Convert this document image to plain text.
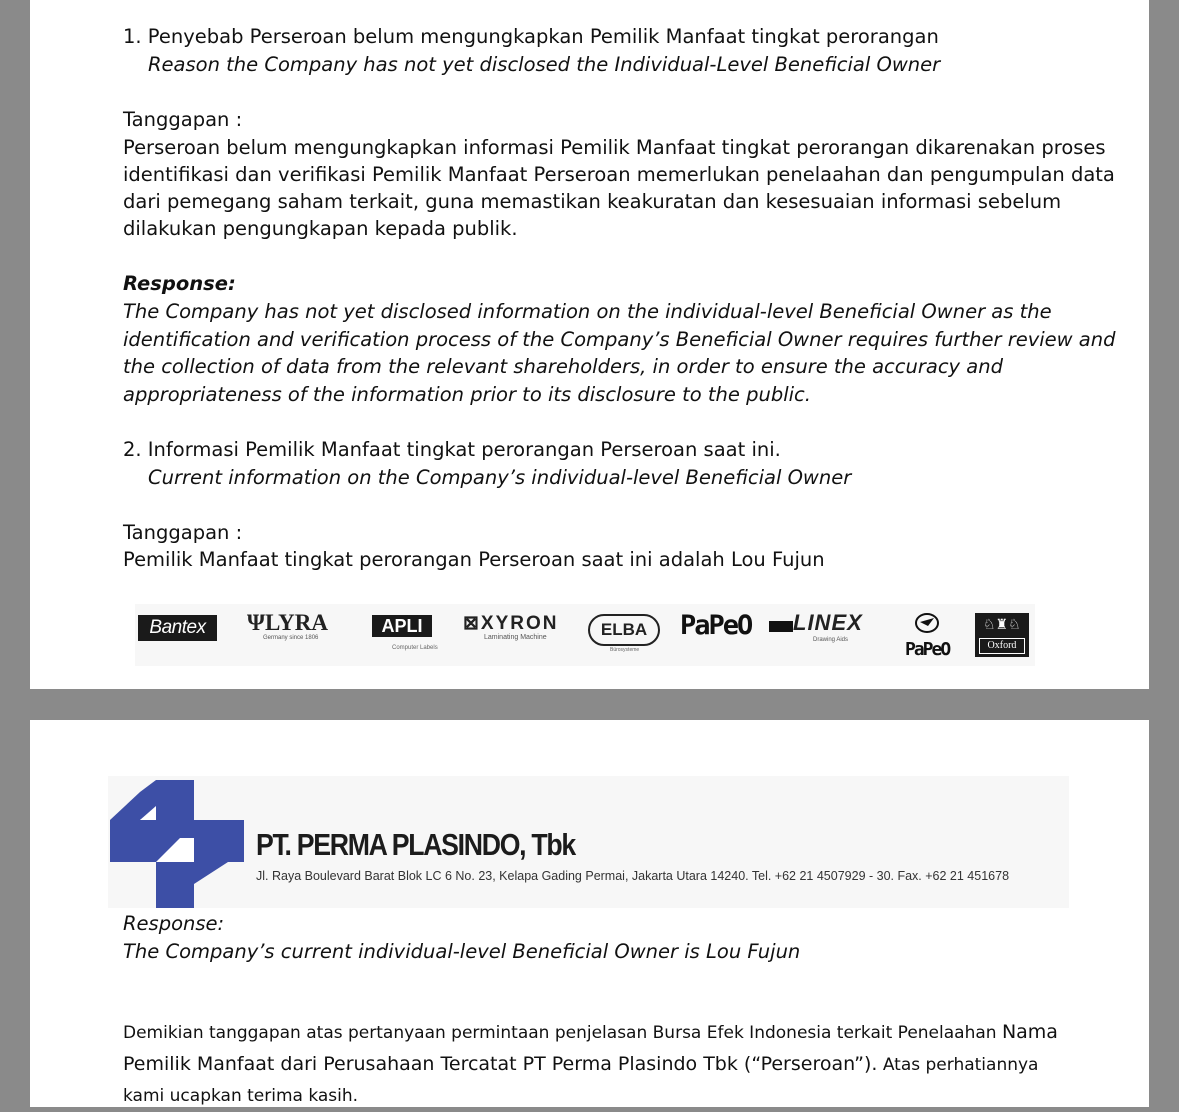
1. Penyebab Perseroan belum mengungkapkan Pemilik Manfaat tingkat perorangan
Reason the Company has not yet disclosed the Individual-Level Beneficial Owner
Tanggapan :
Perseroan belum mengungkapkan informasi Pemilik Manfaat tingkat perorangan dikarenakan proses
identifikasi dan verifikasi Pemilik Manfaat Perseroan memerlukan penelaahan dan pengumpulan data
dari pemegang saham terkait, guna memastikan keakuratan dan kesesuaian informasi sebelum
dilakukan pengungkapan kepada publik.
Response:
The Company has not yet disclosed information on the individual-level Beneficial Owner as the
identification and verification process of the Company’s Beneficial Owner requires further review and
the collection of data from the relevant shareholders, in order to ensure the accuracy and
appropriateness of the information prior to its disclosure to the public.
2. Informasi Pemilik Manfaat tingkat perorangan Perseroan saat ini.
Current information on the Company’s individual-level Beneficial Owner
Tanggapan :
Pemilik Manfaat tingkat perorangan Perseroan saat ini adalah Lou Fujun
Bantex	ΨLYRA
Germany since 1806
APLI
Computer Labels
⊠XYRON
Laminating Machine	ELBA
Bürosysteme
PaPeO LINEX
Drawing Aids	PaPeO
♘♜♘
Oxford
PT. PERMA PLASINDO, Tbk
Jl. Raya Boulevard Barat Blok LC 6 No. 23, Kelapa Gading Permai, Jakarta Utara 14240. Tel. +62 21 4507929 - 30. Fax. +62 21 451678
Response:
The Company’s current individual-level Beneficial Owner is Lou Fujun
Demikian tanggapan atas pertanyaan permintaan penjelasan Bursa Efek Indonesia terkait Penelaahan Nama Pemilik Manfaat dari Perusahaan Tercatat PT Perma Plasindo Tbk (“Perseroan”). Atas perhatiannya kami ucapkan terima kasih.
